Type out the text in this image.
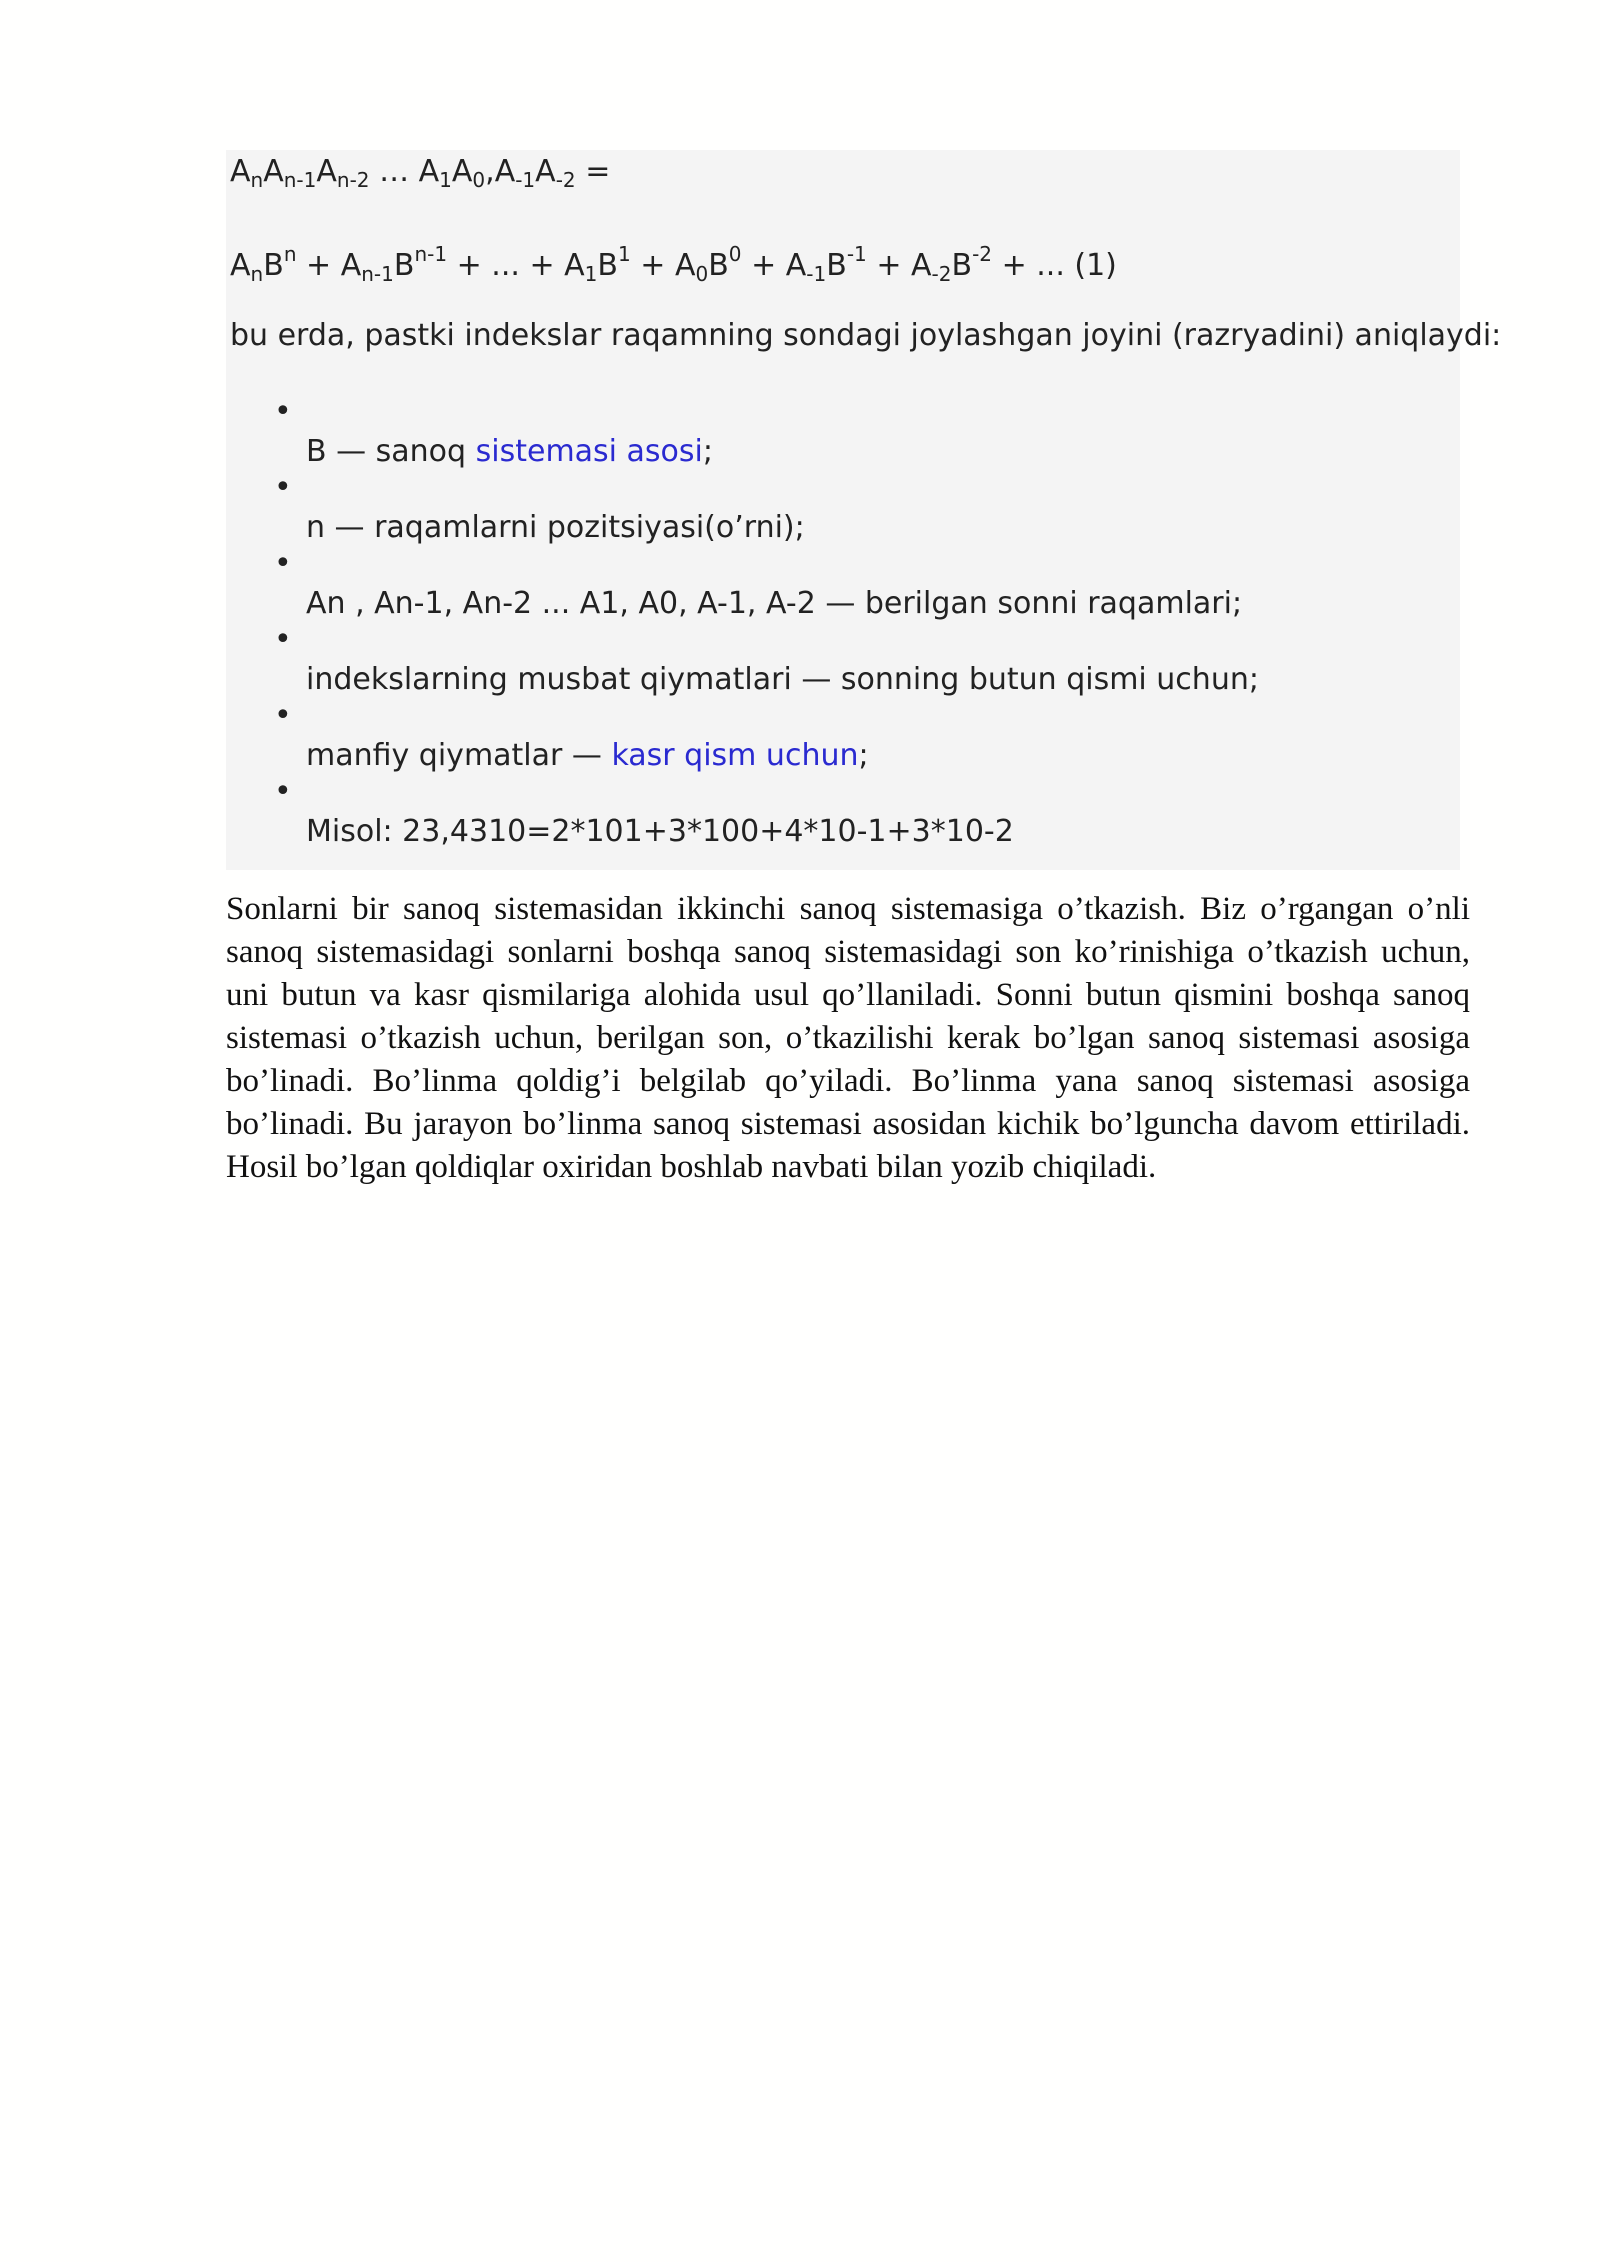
$A_nA_{n-1}A_{n-2}$ … $A_1A_0,A_{-1}A_{-2}$ =
$A_nB^n + A_{n-1}B^{n-1}$ + ... + $A_1B^1 + A_0B^0 + A_{-1}B^{-1} + A_{-2}B^{-2}$ + ... (1)
bu erda, pastki indekslar raqamning sondagi joylashgan joyini (razryadini) aniqlaydi:
•
B — sanoq sistemasi asosi;
•
n — raqamlarni pozitsiyasi(o’rni);
•
An , An-1, An-2 ... A1, A0, A-1, A-2 — berilgan sonni raqamlari;
•
indekslarning musbat qiymatlari — sonning butun qismi uchun;
•
manfiy qiymatlar — kasr qism uchun;
•
Misol: 23,4310=2*101+3*100+4*10-1+3*10-2

Sonlarni bir sanoq sistemasidan ikkinchi sanoq sistemasiga o’tkazish. Biz o’rgangan o’nli sanoq sistemasidagi sonlarni boshqa sanoq sistemasidagi son ko’rinishiga o’tkazish uchun, uni butun va kasr qismilariga alohida usul qo’llaniladi. Sonni butun qismini boshqa sanoq sistemasi o’tkazish uchun, berilgan son, o’tkazilishi kerak bo’lgan sanoq sistemasi asosiga bo’linadi. Bo’linma qoldig’i belgilab qo’yiladi. Bo’linma yana sanoq sistemasi asosiga bo’linadi. Bu jarayon bo’linma sanoq sistemasi asosidan kichik bo’lguncha davom ettiriladi. Hosil bo’lgan qoldiqlar oxiridan boshlab navbati bilan yozib chiqiladi.
